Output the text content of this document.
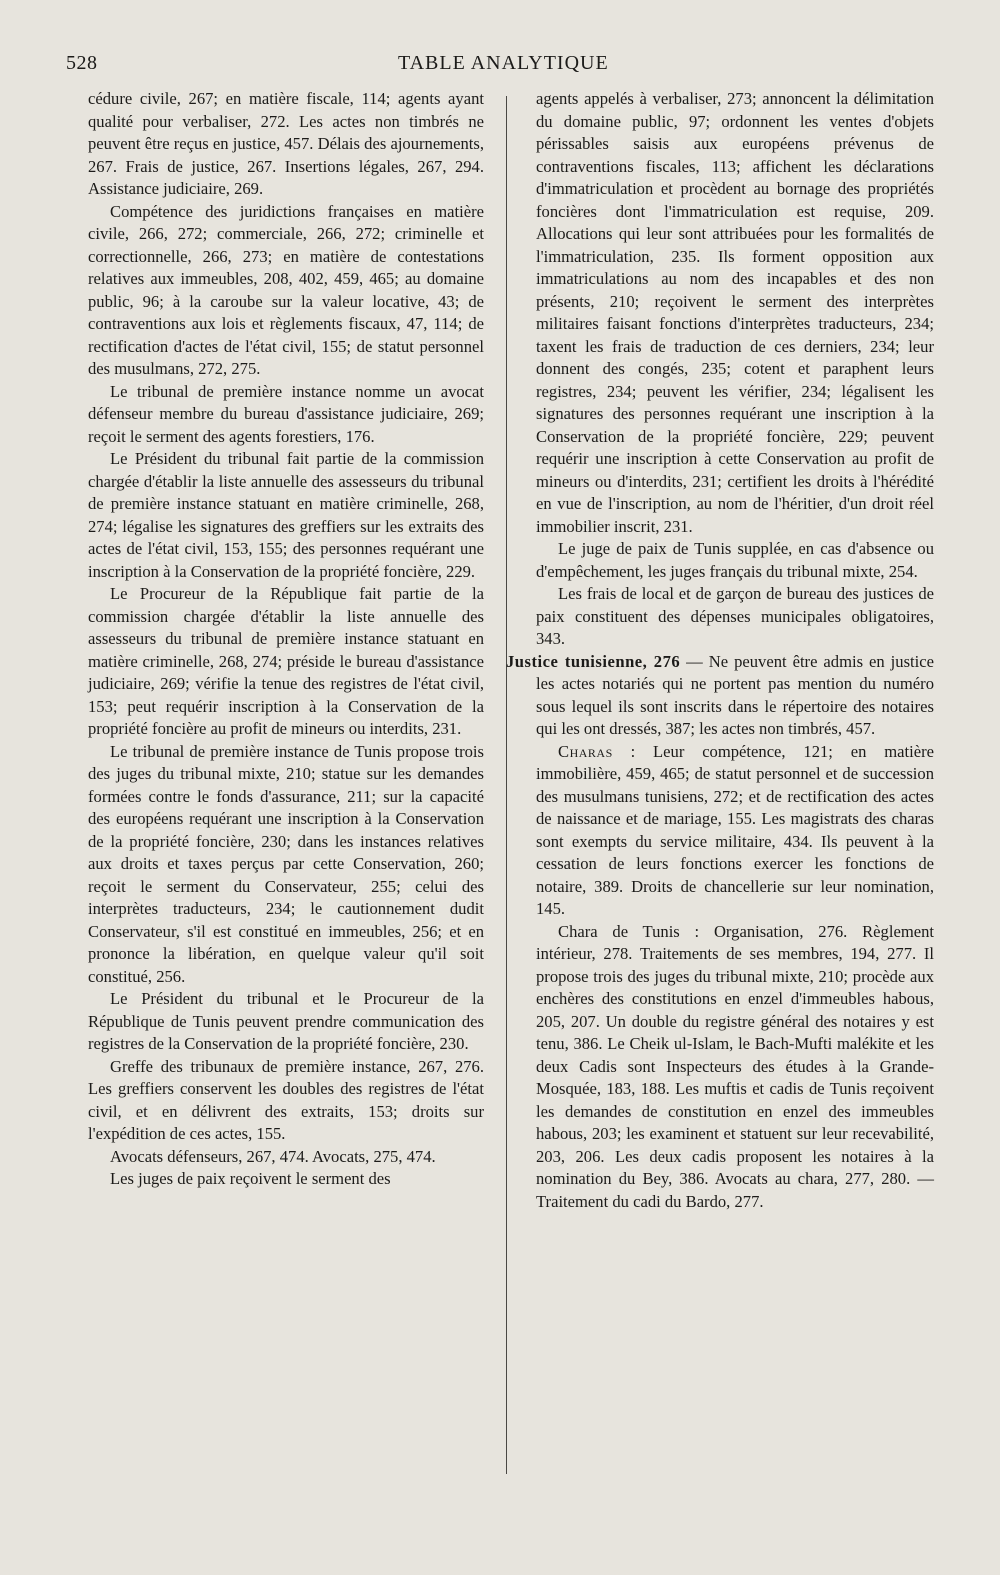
528	TABLE ANALYTIQUE

cédure civile, 267; en matière fiscale, 114; agents ayant qualité pour verbaliser, 272. Les actes non timbrés ne peuvent être reçus en justice, 457. Délais des ajournements, 267. Frais de justice, 267. Insertions légales, 267, 294. Assistance judiciaire, 269.

Compétence des juridictions françaises en matière civile, 266, 272; commerciale, 266, 272; criminelle et correctionnelle, 266, 273; en matière de contestations relatives aux immeubles, 208, 402, 459, 465; au domaine public, 96; à la caroube sur la valeur locative, 43; de contraventions aux lois et règlements fiscaux, 47, 114; de rectification d'actes de l'état civil, 155; de statut personnel des musulmans, 272, 275.

Le tribunal de première instance nomme un avocat défenseur membre du bureau d'assistance judiciaire, 269; reçoit le serment des agents forestiers, 176.

Le Président du tribunal fait partie de la commission chargée d'établir la liste annuelle des assesseurs du tribunal de première instance statuant en matière criminelle, 268, 274; légalise les signatures des greffiers sur les extraits des actes de l'état civil, 153, 155; des personnes requérant une inscription à la Conservation de la propriété foncière, 229.

Le Procureur de la République fait partie de la commission chargée d'établir la liste annuelle des assesseurs du tribunal de première instance statuant en matière criminelle, 268, 274; préside le bureau d'assistance judiciaire, 269; vérifie la tenue des registres de l'état civil, 153; peut requérir inscription à la Conservation de la propriété foncière au profit de mineurs ou interdits, 231.

Le tribunal de première instance de Tunis propose trois des juges du tribunal mixte, 210; statue sur les demandes formées contre le fonds d'assurance, 211; sur la capacité des européens requérant une inscription à la Conservation de la propriété foncière, 230; dans les instances relatives aux droits et taxes perçus par cette Conservation, 260; reçoit le serment du Conservateur, 255; celui des interprètes traducteurs, 234; le cautionnement dudit Conservateur, s'il est constitué en immeubles, 256; et en prononce la libération, en quelque valeur qu'il soit constitué, 256.

Le Président du tribunal et le Procureur de la République de Tunis peuvent prendre communication des registres de la Conservation de la propriété foncière, 230.

Greffe des tribunaux de première instance, 267, 276. Les greffiers conservent les doubles des registres de l'état civil, et en délivrent des extraits, 153; droits sur l'expédition de ces actes, 155.

Avocats défenseurs, 267, 474. Avocats, 275, 474.

Les juges de paix reçoivent le serment des

agents appelés à verbaliser, 273; annoncent la délimitation du domaine public, 97; ordonnent les ventes d'objets périssables saisis aux européens prévenus de contraventions fiscales, 113; affichent les déclarations d'immatriculation et procèdent au bornage des propriétés foncières dont l'immatriculation est requise, 209. Allocations qui leur sont attribuées pour les formalités de l'immatriculation, 235. Ils forment opposition aux immatriculations au nom des incapables et des non présents, 210; reçoivent le serment des interprètes militaires faisant fonctions d'interprètes traducteurs, 234; taxent les frais de traduction de ces derniers, 234; leur donnent des congés, 235; cotent et paraphent leurs registres, 234; peuvent les vérifier, 234; légalisent les signatures des personnes requérant une inscription à la Conservation de la propriété foncière, 229; peuvent requérir une inscription à cette Conservation au profit de mineurs ou d'interdits, 231; certifient les droits à l'hérédité en vue de l'inscription, au nom de l'héritier, d'un droit réel immobilier inscrit, 231.

Le juge de paix de Tunis supplée, en cas d'absence ou d'empêchement, les juges français du tribunal mixte, 254.

Les frais de local et de garçon de bureau des justices de paix constituent des dépenses municipales obligatoires, 343.

Justice tunisienne, 276 — Ne peuvent être admis en justice les actes notariés qui ne portent pas mention du numéro sous lequel ils sont inscrits dans le répertoire des notaires qui les ont dressés, 387; les actes non timbrés, 457.

Charas : Leur compétence, 121; en matière immobilière, 459, 465; de statut personnel et de succession des musulmans tunisiens, 272; et de rectification des actes de naissance et de mariage, 155. Les magistrats des charas sont exempts du service militaire, 434. Ils peuvent à la cessation de leurs fonctions exercer les fonctions de notaire, 389. Droits de chancellerie sur leur nomination, 145.

Chara de Tunis : Organisation, 276. Règlement intérieur, 278. Traitements de ses membres, 194, 277. Il propose trois des juges du tribunal mixte, 210; procède aux enchères des constitutions en enzel d'immeubles habous, 205, 207. Un double du registre général des notaires y est tenu, 386. Le Cheik ul-Islam, le Bach-Mufti malékite et les deux Cadis sont Inspecteurs des études à la Grande-Mosquée, 183, 188. Les muftis et cadis de Tunis reçoivent les demandes de constitution en enzel des immeubles habous, 203; les examinent et statuent sur leur recevabilité, 203, 206. Les deux cadis proposent les notaires à la nomination du Bey, 386. Avocats au chara, 277, 280. — Traitement du cadi du Bardo, 277.
